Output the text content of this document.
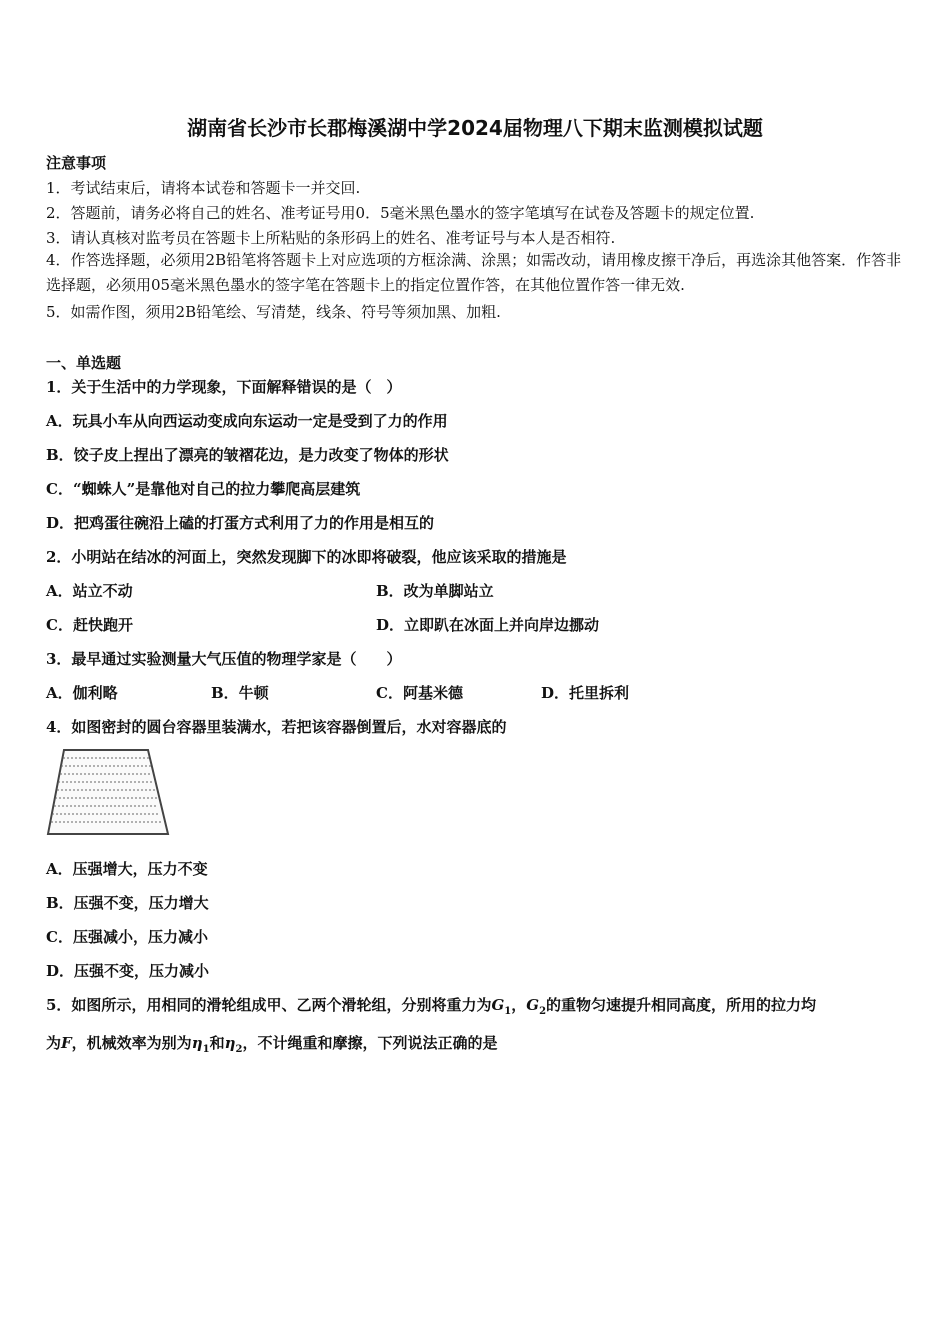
湖南省长沙市长郡梅溪湖中学2024届物理八下期末监测模拟试题
注意事项
1．考试结束后，请将本试卷和答题卡一并交回.
2．答题前，请务必将自己的姓名、准考证号用0．5毫米黑色墨水的签字笔填写在试卷及答题卡的规定位置.
3．请认真核对监考员在答题卡上所粘贴的条形码上的姓名、准考证号与本人是否相符.
4．作答选择题，必须用2B铅笔将答题卡上对应选项的方框涂满、涂黑；如需改动，请用橡皮擦干净后，再选涂其他答案．作答非选择题，必须用05毫米黑色墨水的签字笔在答题卡上的指定位置作答，在其他位置作答一律无效.
5．如需作图，须用2B铅笔绘、写清楚，线条、符号等须加黑、加粗.
一、单选题
1．关于生活中的力学现象，下面解释错误的是（　）
A．玩具小车从向西运动变成向东运动一定是受到了力的作用
B．饺子皮上捏出了漂亮的皱褶花边，是力改变了物体的形状
C．“蜘蛛人”是靠他对自己的拉力攀爬高层建筑
D．把鸡蛋往碗沿上磕的打蛋方式利用了力的作用是相互的
2．小明站在结冰的河面上，突然发现脚下的冰即将破裂，他应该采取的措施是
A．站立不动	B．改为单脚站立
C．赶快跑开	D．立即趴在冰面上并向岸边挪动
3．最早通过实验测量大气压值的物理学家是（　　）
A．伽利略	B．牛顿	C．阿基米德	D．托里拆利
4．如图密封的圆台容器里装满水，若把该容器倒置后，水对容器底的
A．压强增大，压力不变
B．压强不变，压力增大
C．压强减小，压力减小
D．压强不变，压力减小
5．如图所示，用相同的滑轮组成甲、乙两个滑轮组，分别将重力为$G_1$，$G_2$的重物匀速提升相同高度，所用的拉力均
为F，机械效率为别为$\eta_1$和$\eta_2$，不计绳重和摩擦，下列说法正确的是
